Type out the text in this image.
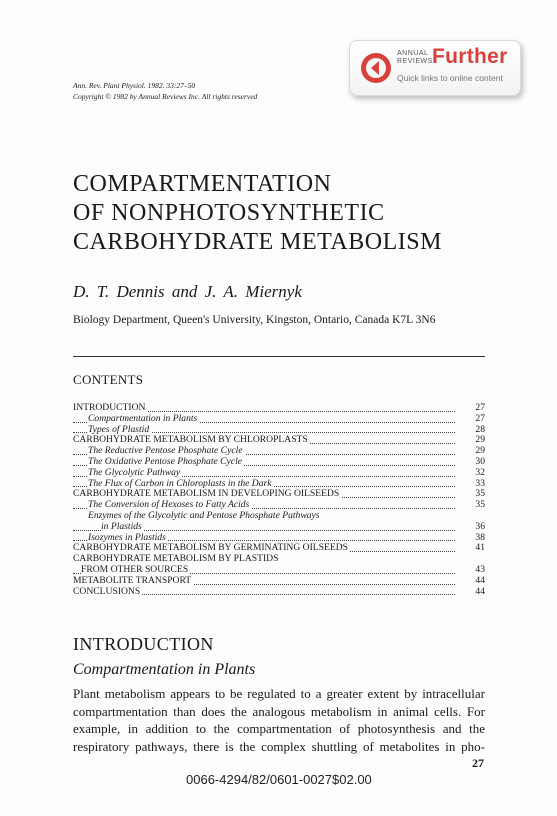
ANNUAL
REVIEWS Further
Quick links to online content
Ann. Rev. Plant Physiol. 1982. 33:27–50
Copyright © 1982 by Annual Reviews Inc. All rights reserved
COMPARTMENTATION
OF NONPHOTOSYNTHETIC
CARBOHYDRATE METABOLISM
D. T. Dennis and J. A. Miernyk
Biology Department, Queen's University, Kingston, Ontario, Canada K7L 3N6
CONTENTS
INTRODUCTION	27
Compartmentation in Plants	27
Types of Plastid	28
CARBOHYDRATE METABOLISM BY CHLOROPLASTS	29
The Reductive Pentose Phosphate Cycle	29
The Oxidative Pentose Phosphate Cycle	30
The Glycolytic Pathway	32
The Flux of Carbon in Chloroplasts in the Dark	33
CARBOHYDRATE METABOLISM IN DEVELOPING OILSEEDS	35
The Conversion of Hexoses to Fatty Acids	35
Enzymes of the Glycolytic and Pentose Phosphate Pathways
in Plastids	36
Isozymes in Plastids	38
CARBOHYDRATE METABOLISM BY GERMINATING OILSEEDS	41
CARBOHYDRATE METABOLISM BY PLASTIDS
FROM OTHER SOURCES	43
METABOLITE TRANSPORT	44
CONCLUSIONS	44
INTRODUCTION
Compartmentation in Plants
Plant metabolism appears to be regulated to a greater extent by intracellular
compartmentation than does the analogous metabolism in animal cells. For
example, in addition to the compartmentation of photosynthesis and the
respiratory pathways, there is the complex shuttling of metabolites in pho-
27
0066-4294/82/0601-0027$02.00
